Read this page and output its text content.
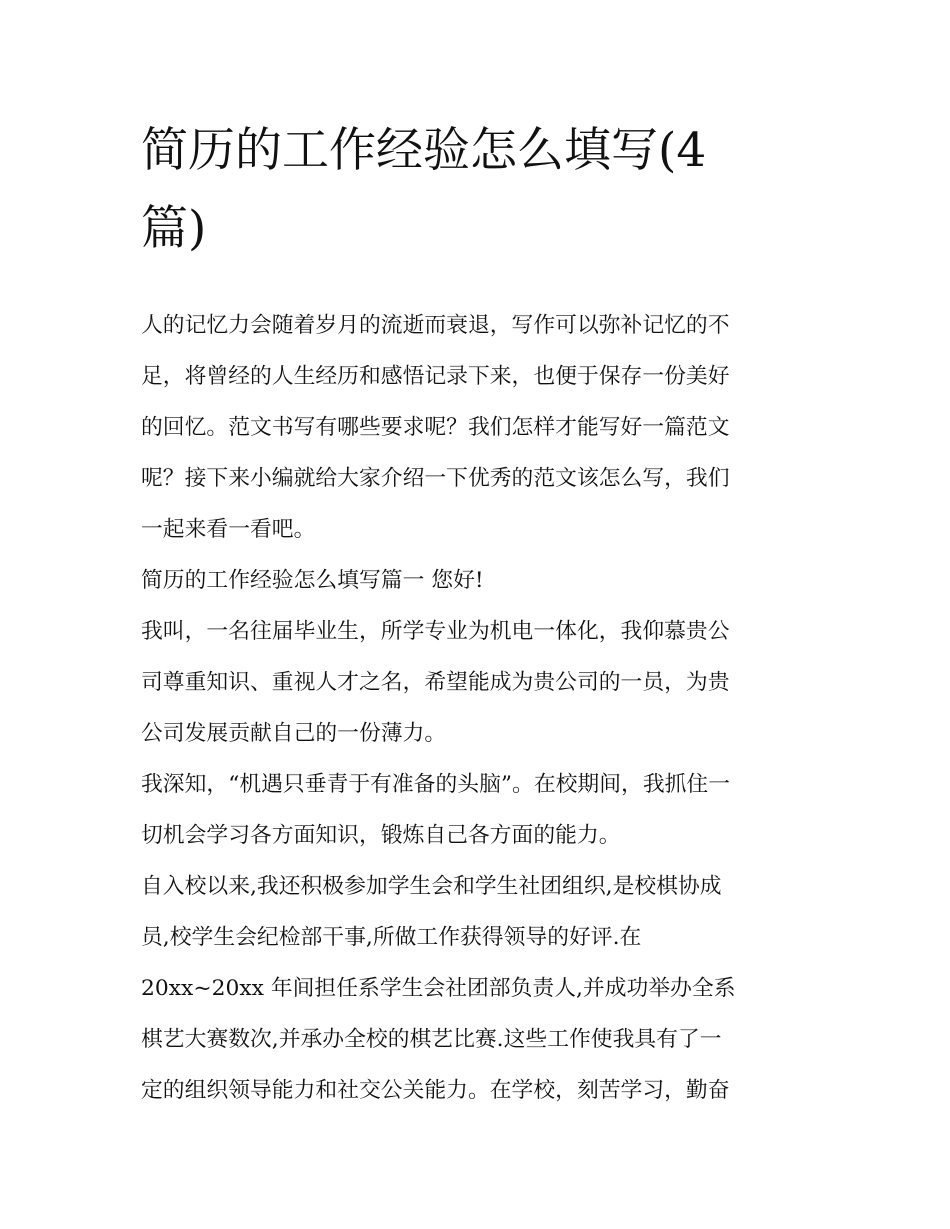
简历的工作经验怎么填写(4
篇)

人的记忆力会随着岁月的流逝而衰退，写作可以弥补记忆的不
足，将曾经的人生经历和感悟记录下来，也便于保存一份美好
的回忆。范文书写有哪些要求呢？我们怎样才能写好一篇范文
呢？接下来小编就给大家介绍一下优秀的范文该怎么写，我们
一起来看一看吧。

简历的工作经验怎么填写篇一 您好!

我叫，一名往届毕业生，所学专业为机电一体化，我仰慕贵公
司尊重知识、重视人才之名，希望能成为贵公司的一员，为贵
公司发展贡献自己的一份薄力。

我深知，“机遇只垂青于有准备的头脑”。在校期间，我抓住一
切机会学习各方面知识，锻炼自己各方面的能力。

自入校以来,我还积极参加学生会和学生社团组织,是校棋协成
员,校学生会纪检部干事,所做工作获得领导的好评.在
20xx~20xx 年间担任系学生会社团部负责人,并成功举办全系
棋艺大赛数次,并承办全校的棋艺比赛.这些工作使我具有了一
定的组织领导能力和社交公关能力。在学校，刻苦学习，勤奋
